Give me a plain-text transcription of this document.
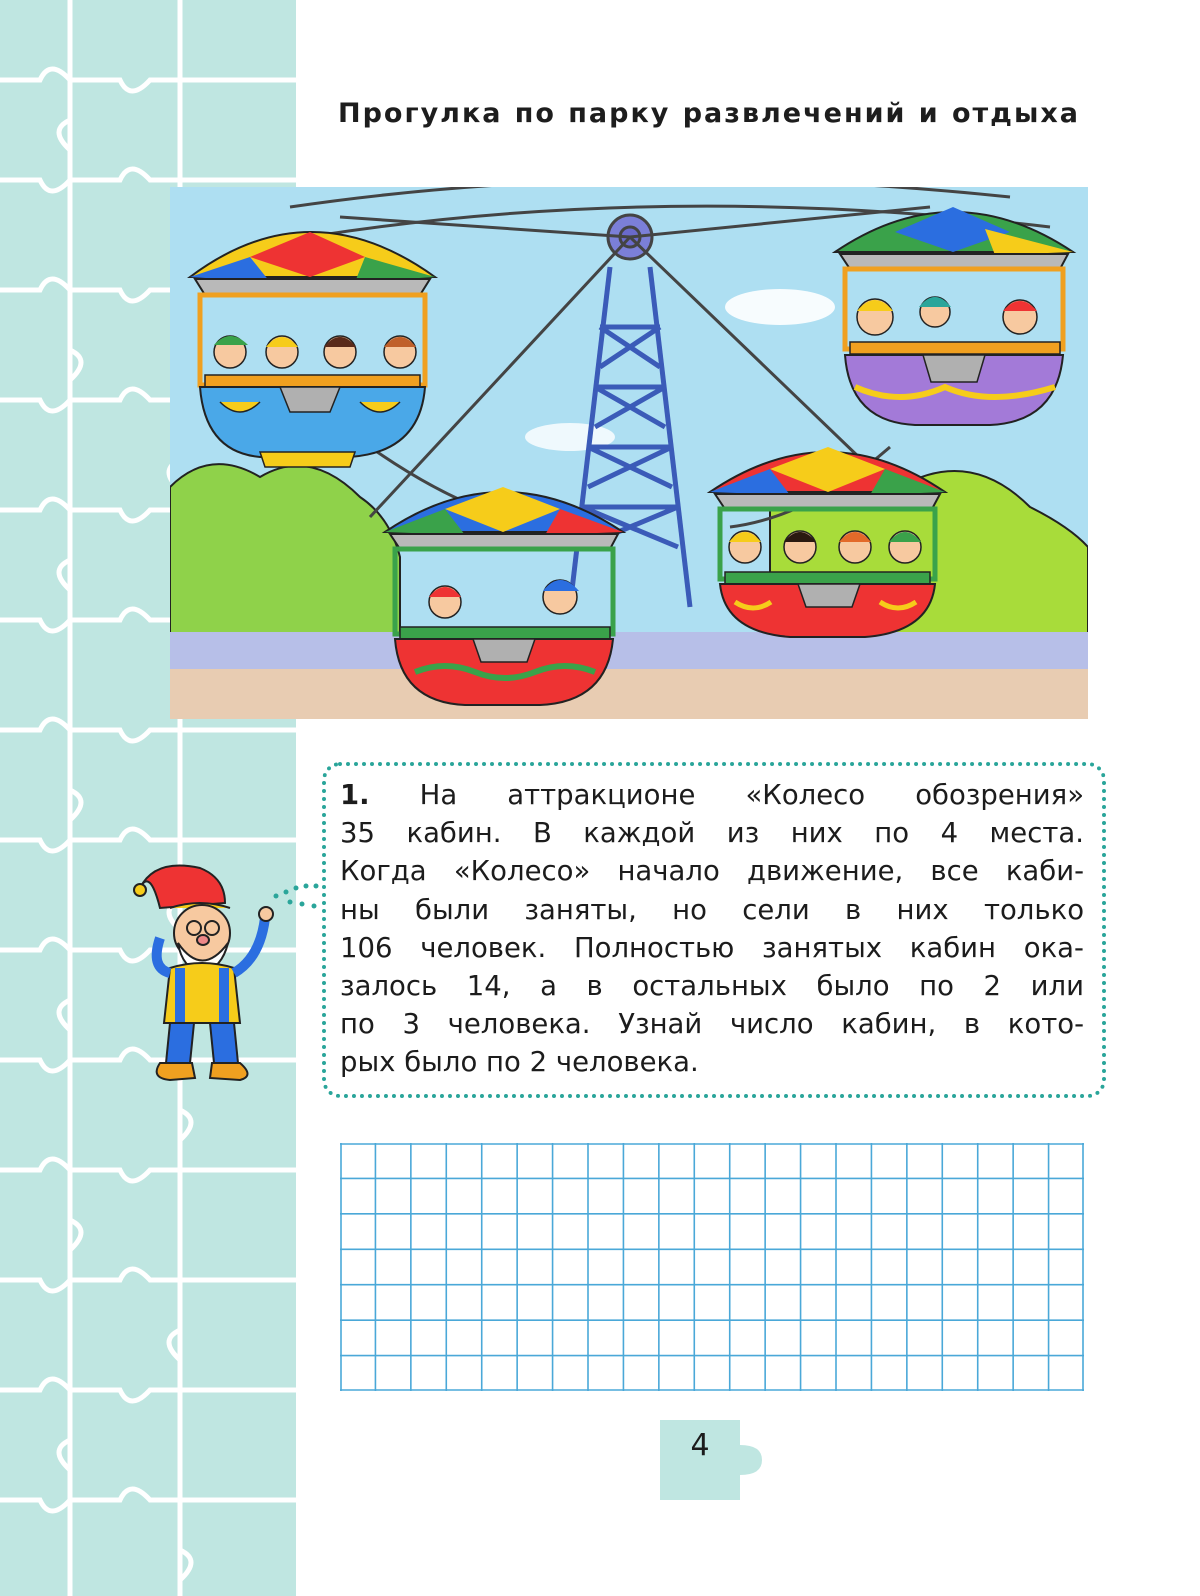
Прогулка по парку развлечений и отдыха
1. На аттракционе «Колесо обозрения»
35 кабин. В каждой из них по 4 места.
Когда «Колесо» начало движение, все каби-
ны были заняты, но сели в них только
106 человек. Полностью занятых кабин ока-
залось 14, а в остальных было по 2 или
по 3 человека. Узнай число кабин, в кото-
рых было по 2 человека.
4
